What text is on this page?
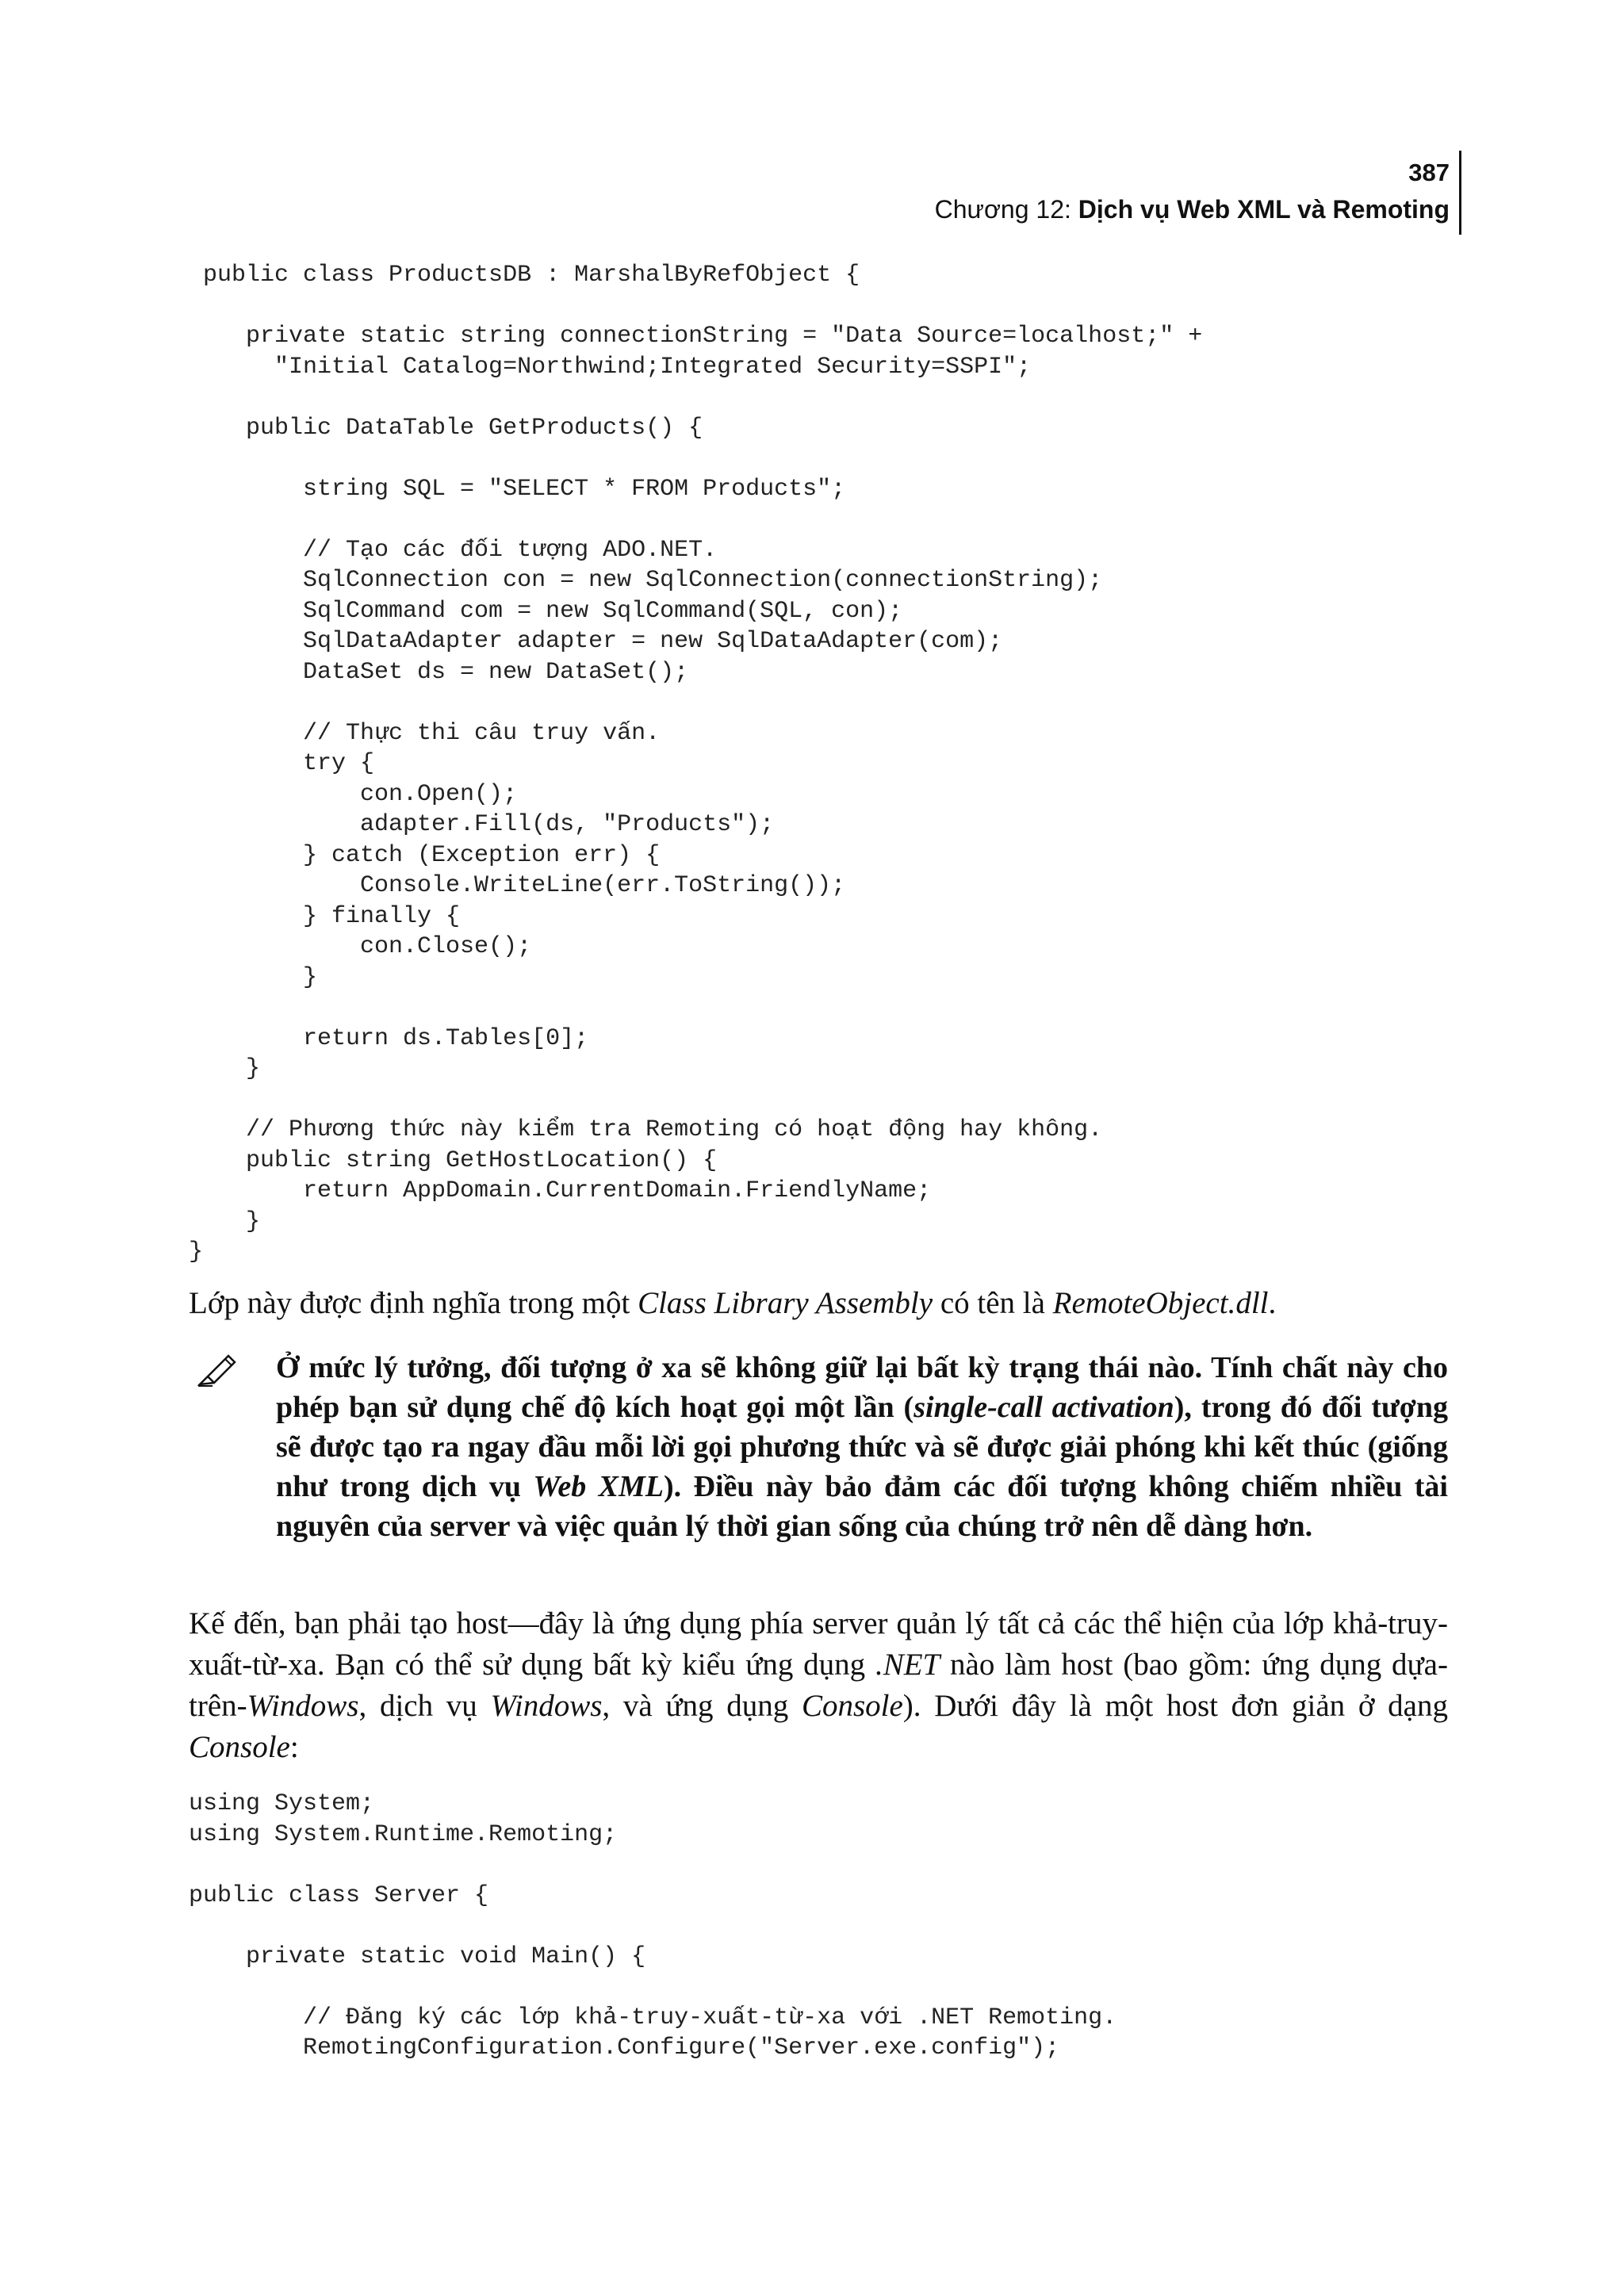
387
Chương 12: Dịch vụ Web XML và Remoting
public class ProductsDB : MarshalByRefObject {

private static string connectionString = "Data Source=localhost;" +
"Initial Catalog=Northwind;Integrated Security=SSPI";

public DataTable GetProducts() {

string SQL = "SELECT * FROM Products";

// Tạo các đối tượng ADO.NET.
SqlConnection con = new SqlConnection(connectionString);
SqlCommand com = new SqlCommand(SQL, con);
SqlDataAdapter adapter = new SqlDataAdapter(com);
DataSet ds = new DataSet();

// Thực thi câu truy vấn.
try {
con.Open();
adapter.Fill(ds, "Products");
} catch (Exception err) {
Console.WriteLine(err.ToString());
} finally {
con.Close();
}

return ds.Tables[0];
}

// Phương thức này kiểm tra Remoting có hoạt động hay không.
public string GetHostLocation() {
return AppDomain.CurrentDomain.FriendlyName;
}
}

Lớp này được định nghĩa trong một Class Library Assembly có tên là RemoteObject.dll.

Ở mức lý tưởng, đối tượng ở xa sẽ không giữ lại bất kỳ trạng thái nào. Tính chất này cho phép bạn sử dụng chế độ kích hoạt gọi một lần (single-call activation), trong đó đối tượng sẽ được tạo ra ngay đầu mỗi lời gọi phương thức và sẽ được giải phóng khi kết thúc (giống như trong dịch vụ Web XML). Điều này bảo đảm các đối tượng không chiếm nhiều tài nguyên của server và việc quản lý thời gian sống của chúng trở nên dễ dàng hơn.

Kế đến, bạn phải tạo host—đây là ứng dụng phía server quản lý tất cả các thể hiện của lớp khả-truy-xuất-từ-xa. Bạn có thể sử dụng bất kỳ kiểu ứng dụng .NET nào làm host (bao gồm: ứng dụng dựa-trên-Windows, dịch vụ Windows, và ứng dụng Console). Dưới đây là một host đơn giản ở dạng Console:

using System;
using System.Runtime.Remoting;

public class Server {

private static void Main() {

// Đăng ký các lớp khả-truy-xuất-từ-xa với .NET Remoting.
RemotingConfiguration.Configure("Server.exe.config");
